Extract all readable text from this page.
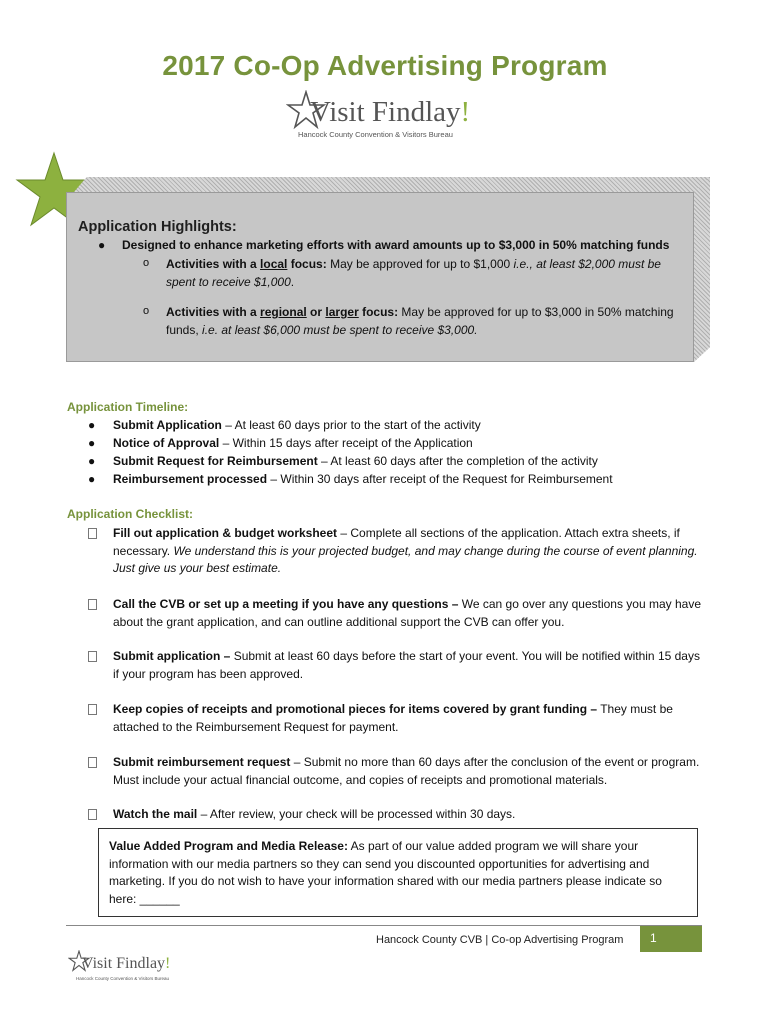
2017 Co-Op Advertising Program
Visit Findlay!
Hancock County Convention & Visitors Bureau
Application Highlights:
● Designed to enhance marketing efforts with award amounts up to $3,000 in 50% matching funds
o Activities with a local focus: May be approved for up to $1,000 i.e., at least $2,000 must be spent to receive $1,000.
o Activities with a regional or larger focus: May be approved for up to $3,000 in 50% matching funds, i.e. at least $6,000 must be spent to receive $3,000.
Application Timeline:
● Submit Application – At least 60 days prior to the start of the activity
● Notice of Approval – Within 15 days after receipt of the Application
● Submit Request for Reimbursement – At least 60 days after the completion of the activity
● Reimbursement processed – Within 30 days after receipt of the Request for Reimbursement
Application Checklist:
Fill out application & budget worksheet – Complete all sections of the application. Attach extra sheets, if necessary. We understand this is your projected budget, and may change during the course of event planning. Just give us your best estimate.
Call the CVB or set up a meeting if you have any questions – We can go over any questions you may have about the grant application, and can outline additional support the CVB can offer you.
Submit application – Submit at least 60 days before the start of your event. You will be notified within 15 days if your program has been approved.
Keep copies of receipts and promotional pieces for items covered by grant funding – They must be attached to the Reimbursement Request for payment.
Submit reimbursement request – Submit no more than 60 days after the conclusion of the event or program. Must include your actual financial outcome, and copies of receipts and promotional materials.
Watch the mail – After review, your check will be processed within 30 days.
Value Added Program and Media Release: As part of our value added program we will share your information with our media partners so they can send you discounted opportunities for advertising and marketing. If you do not wish to have your information shared with our media partners please indicate so here: ______
Hancock County CVB | Co-op Advertising Program	1
Visit Findlay!
Hancock County Convention & Visitors Bureau
